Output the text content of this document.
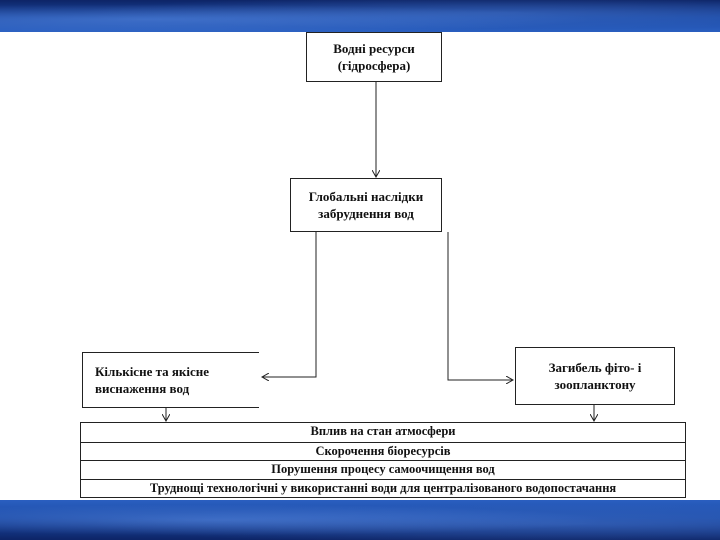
Водні ресурси
(гідросфера)
Глобальні наслідки
забруднення вод
Кількісне та якісне
виснаження вод
Загибель фіто- і
зоопланктону
Вплив на стан атмосфери
Скорочення біоресурсів
Порушення процесу самоочищення вод
Труднощі технологічні у використанні води для централізованого водопостачання
